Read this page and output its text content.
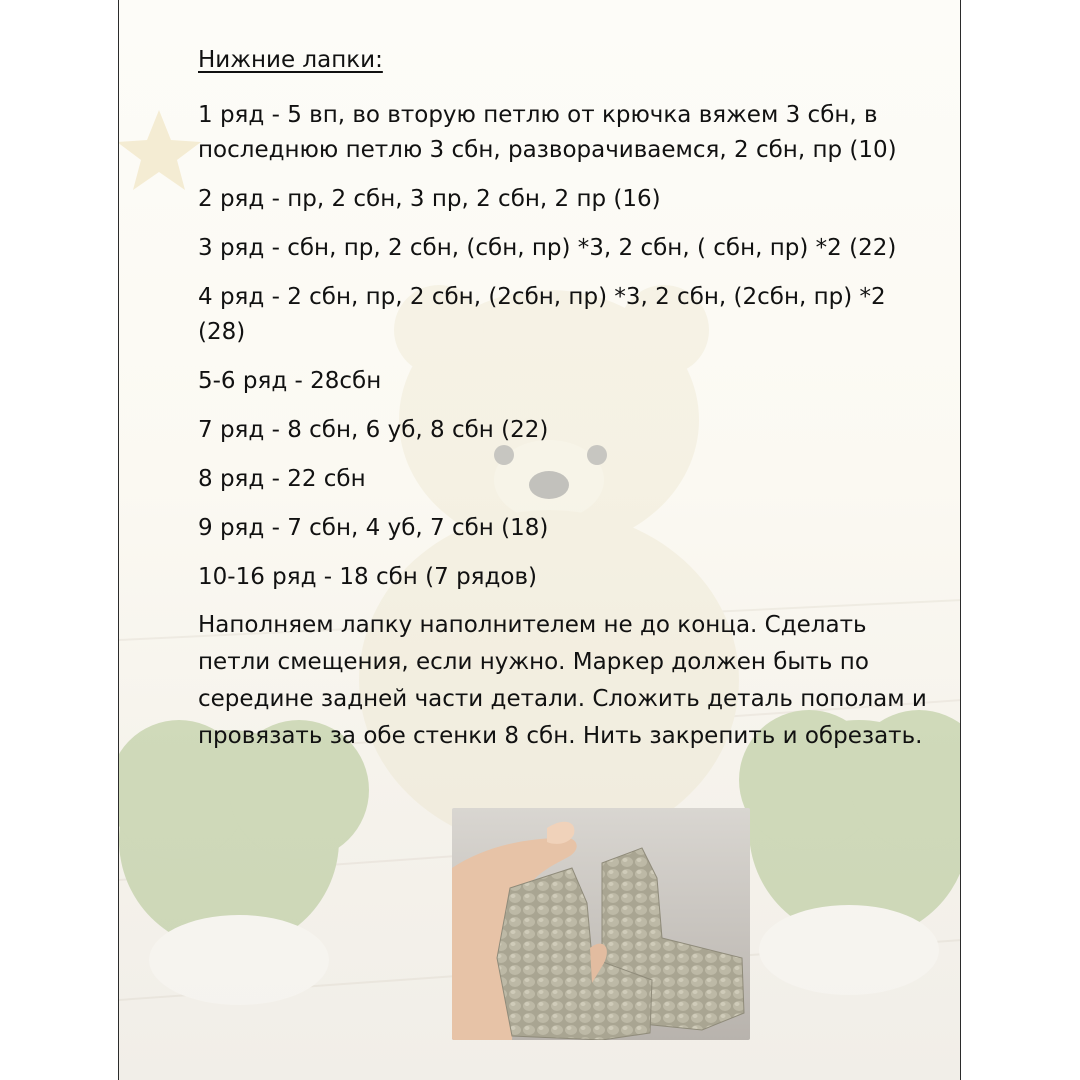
Нижние лапки:
1 ряд - 5 вп, во вторую петлю от крючка вяжем 3 сбн, в последнюю петлю 3 сбн, разворачиваемся, 2 сбн, пр (10)
2 ряд - пр, 2 сбн, 3 пр, 2 сбн, 2 пр (16)
3 ряд - сбн, пр, 2 сбн, (сбн, пр) *3, 2 сбн, ( сбн, пр) *2 (22)
4 ряд - 2 сбн, пр, 2 сбн, (2сбн, пр) *3, 2 сбн, (2сбн, пр) *2 (28)
5-6 ряд - 28сбн
7 ряд - 8 сбн, 6 уб, 8 сбн (22)
8 ряд - 22 сбн
9 ряд - 7 сбн, 4 уб, 7 сбн (18)
10-16 ряд - 18 сбн (7 рядов)

Наполняем лапку наполнителем не до конца. Сделать петли смещения, если нужно. Маркер должен быть по середине задней части детали. Сложить деталь пополам и провязать за обе стенки 8 сбн. Нить закрепить и обрезать.
